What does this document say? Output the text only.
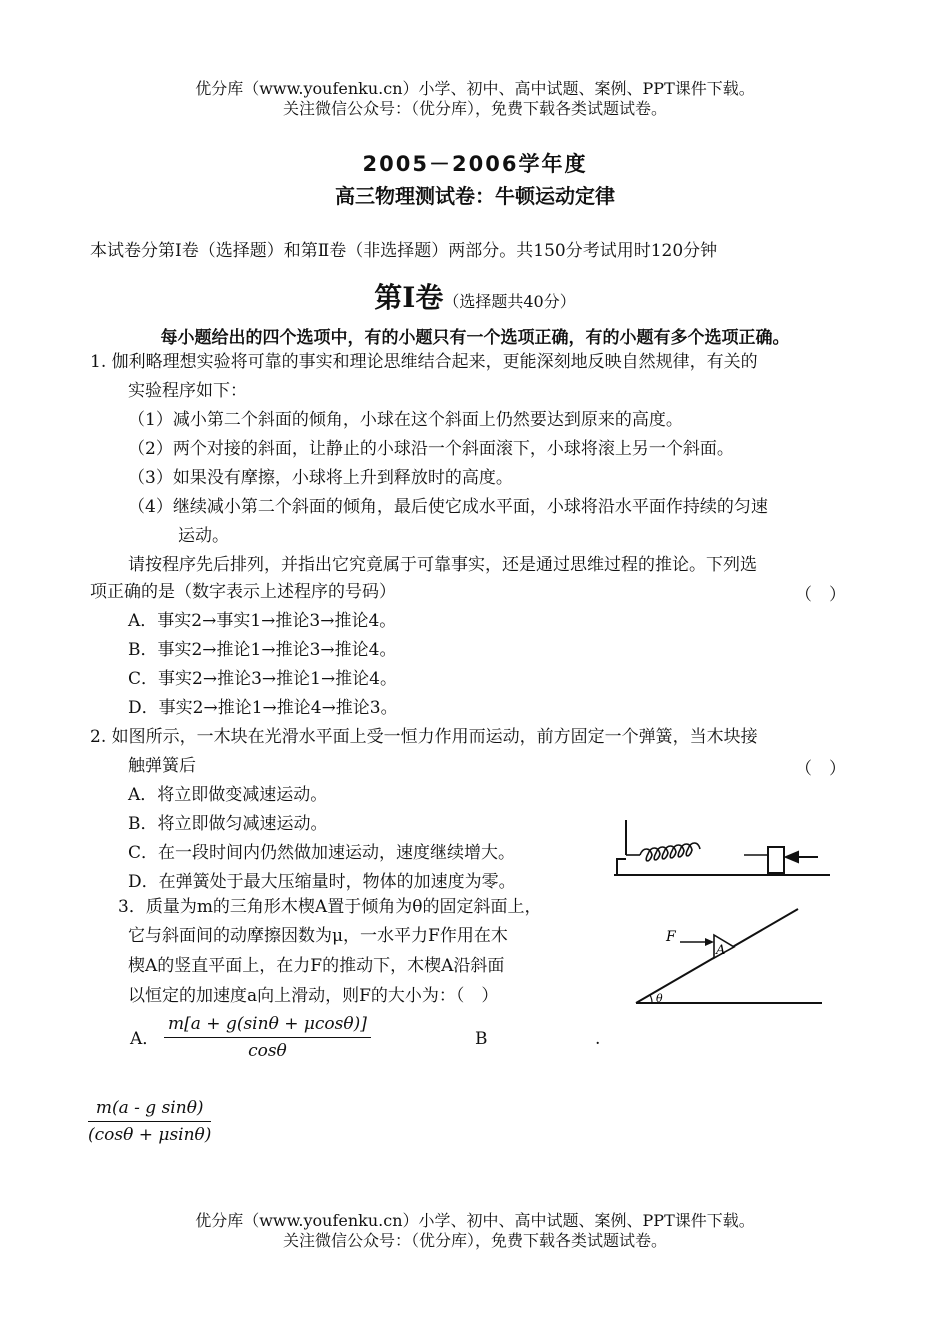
优分库（www.youfenku.cn）小学、初中、高中试题、案例、PPT课件下载。
关注微信公众号：（优分库），免费下载各类试题试卷。
2005－2006学年度
高三物理测试卷：牛顿运动定律
本试卷分第Ⅰ卷（选择题）和第Ⅱ卷（非选择题）两部分。共150分考试用时120分钟
第Ⅰ卷（选择题共40分）
每小题给出的四个选项中，有的小题只有一个选项正确，有的小题有多个选项正确。
1. 伽利略理想实验将可靠的事实和理论思维结合起来，更能深刻地反映自然规律，有关的
实验程序如下：
（1）减小第二个斜面的倾角，小球在这个斜面上仍然要达到原来的高度。
（2）两个对接的斜面，让静止的小球沿一个斜面滚下，小球将滚上另一个斜面。
（3）如果没有摩擦，小球将上升到释放时的高度。
（4）继续减小第二个斜面的倾角，最后使它成水平面，小球将沿水平面作持续的匀速
运动。
请按程序先后排列，并指出它究竟属于可靠事实，还是通过思维过程的推论。下列选
项正确的是（数字表示上述程序的号码）	（　）
A．事实2→事实1→推论3→推论4。
B．事实2→推论1→推论3→推论4。
C．事实2→推论3→推论1→推论4。
D．事实2→推论1→推论4→推论3。
2. 如图所示，一木块在光滑水平面上受一恒力作用而运动，前方固定一个弹簧，当木块接
触弹簧后	（　）
A．将立即做变减速运动。
B．将立即做匀减速运动。
C．在一段时间内仍然做加速运动，速度继续增大。
D．在弹簧处于最大压缩量时，物体的加速度为零。
3．质量为m的三角形木楔A置于倾角为θ的固定斜面上，
它与斜面间的动摩擦因数为μ，一水平力F作用在木
楔A的竖直平面上，在力F的推动下，木楔A沿斜面
以恒定的加速度a向上滑动，则F的大小为：（　）	θ
A
F
A． $\frac{m[a + g(\sin\theta + \mu\cos\theta)]}{\cos\theta}$	B	.
$\frac{\text{m(a - g sinθ)}}{(\cos\theta + \mu\sin\theta)}$
优分库（www.youfenku.cn）小学、初中、高中试题、案例、PPT课件下载。
关注微信公众号：（优分库），免费下载各类试题试卷。
